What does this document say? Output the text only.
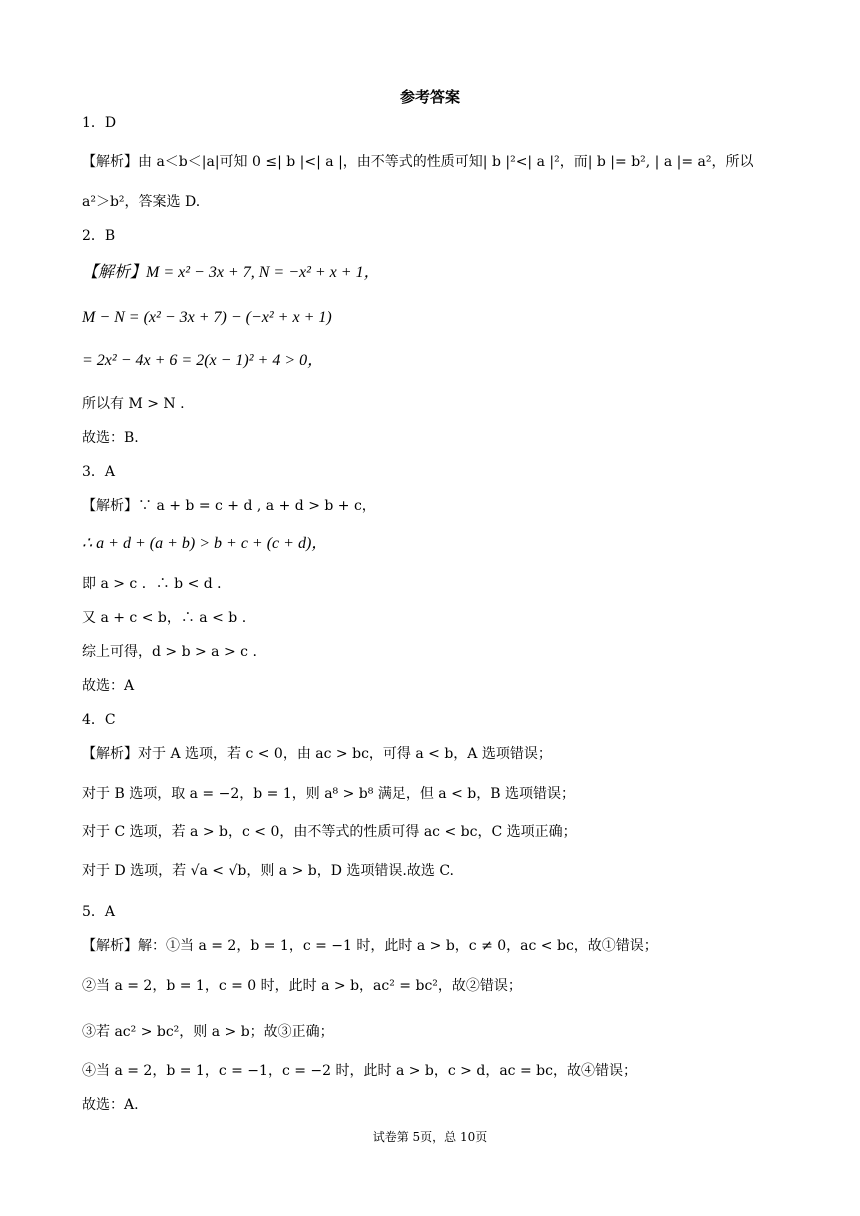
参考答案
1．D
【解析】由 a＜b＜|a|可知 0 ≤| b |<| a |，由不等式的性质可知| b |²<| a |²，而| b |= b², | a |= a²，所以
a²＞b²，答案选 D.
2．B
【解析】M = x² − 3x + 7, N = −x² + x + 1，
M − N = (x² − 3x + 7) − (−x² + x + 1)
= 2x² − 4x + 6 = 2(x − 1)² + 4 > 0，
所以有 M > N .
故选：B.
3．A
【解析】∵ a + b = c + d , a + d > b + c，
∴ a + d + (a + b) > b + c + (c + d)，
即 a > c ．∴ b < d ．
又 a + c < b，∴ a < b .
综上可得，d > b > a > c .
故选：A
4．C
【解析】对于 A 选项，若 c < 0，由 ac > bc，可得 a < b，A 选项错误；
对于 B 选项，取 a = −2，b = 1，则 a⁸ > b⁸ 满足，但 a < b，B 选项错误；
对于 C 选项，若 a > b，c < 0，由不等式的性质可得 ac < bc，C 选项正确；
对于 D 选项，若 √a < √b，则 a > b，D 选项错误.故选 C.
5．A
【解析】解：①当 a = 2，b = 1，c = −1 时，此时 a > b，c ≠ 0，ac < bc，故①错误；
②当 a = 2，b = 1，c = 0 时，此时 a > b，ac² = bc²，故②错误；
③若 ac² > bc²，则 a > b；故③正确；
④当 a = 2，b = 1，c = −1，c = −2 时，此时 a > b，c > d，ac = bc，故④错误；
故选：A.
试卷第 5页，总 10页
